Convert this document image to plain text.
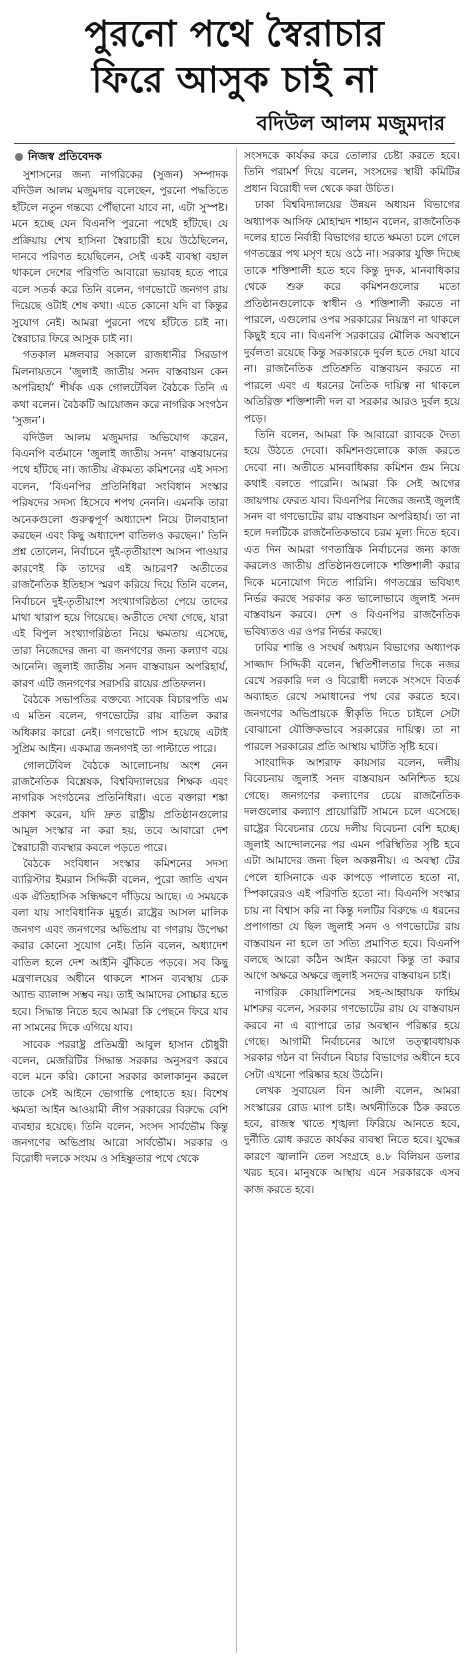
পুরনো পথে স্বৈরাচার
ফিরে আসুক চাই না
বদিউল আলম মজুমদার
নিজস্ব প্রতিবেদক

সুশাসনের জন্য নাগরিকের (সুজন) সম্পাদক বদিউল আলম মজুমদার বলেছেন, পুরনো পদ্ধতিতে হাঁটলে নতুন গন্তব্যে পৌঁছানো যাবে না, এটা সুস্পষ্ট। মনে হচ্ছে যেন বিএনপি পুরনো পথেই হাঁটছে। যে প্রক্রিয়ায় শেখ হাসিনা স্বৈরাচারী হয়ে উঠেছিলেন, দানবে পরিণত হয়েছিলেন, সেই একই ব্যবস্থা বহাল থাকলে দেশের পরিণতি আবারো ভয়াবহ হতে পারে বলে সতর্ক করে তিনি বলেন, গণভোটে জনগণ রায় দিয়েছে ওটাই শেষ কথা। এতে কোনো যদি বা কিন্তুর সুযোগ নেই। আমরা পুরনো পথে হাঁটতে চাই না। স্বৈরাচার ফিরে আসুক চাই না।

গতকাল মঙ্গলবার সকালে রাজধানীর সিরডাপ মিলনায়তনে ‘জুলাই জাতীয় সনদ বাস্তবায়ন কেন অপরিহার্য’ শীর্ষক এক গোলটেবিল বৈঠকে তিনি এ কথা বলেন। বৈঠকটি আয়োজন করে নাগরিক সংগঠন ‘সুজন’।

বদিউল আলম মজুমদার অভিযোগ করেন, বিএনপি বর্তমানে ‘জুলাই জাতীয় সনদ’ বাস্তবায়নের পথে হাঁটছে না। জাতীয় ঐকমত্য কমিশনের এই সদস্য বলেন, ‘বিএনপির প্রতিনিধিরা সংবিধান সংস্কার পরিষদের সদস্য হিসেবে শপথ নেননি। এমনকি তারা অনেকগুলো গুরুত্বপূর্ণ অধ্যাদেশ নিয়ে টালবাহানা করছেন এবং কিছু অধ্যাদেশ বাতিলও করছেন।’ তিনি প্রশ্ন তোলেন, নির্বাচনে দুই-তৃতীয়াংশ আসন পাওয়ার কারণেই কি তাদের এই আচরণ? অতীতের রাজনৈতিক ইতিহাস স্মরণ করিয়ে দিয়ে তিনি বলেন, নির্বাচনে দুই-তৃতীয়াংশ সংখ্যাগরিষ্ঠতা পেয়ে তাদের মাথা খারাপ হয়ে গিয়েছে। অতীতে দেখা গেছে, যারা এই বিপুল সংখ্যাগরিষ্ঠতা নিয়ে ক্ষমতায় এসেছে, তারা নিজেদের জন্য বা জনগণের জন্য কল্যাণ বয়ে আনেনি। জুলাই জাতীয় সনদ বাস্তবায়ন অপরিহার্য, কারণ এটি জনগণের সরাসরি রায়ের প্রতিফলন।

বৈঠকে সভাপতির বক্তব্যে সাবেক বিচারপতি এম এ মতিন বলেন, গণভোটের রায় বাতিল করার অধিকার কারো নেই। গণভোটে পাস হয়েছে এটাই সুপ্রিম আইন। একমাত্র জনগণই তা পাল্টাতে পারে।

গোলটেবিল বৈঠকে আলোচনায় অংশ নেন রাজনৈতিক বিশ্লেষক, বিশ্ববিদ্যালয়ের শিক্ষক এবং নাগরিক সংগঠনের প্রতিনিধিরা। এতে বক্তারা শঙ্কা প্রকাশ করেন, যদি দ্রুত রাষ্ট্রীয় প্রতিষ্ঠানগুলোর আমূল সংস্কার না করা হয়, তবে আবারো দেশ স্বৈরাচারী ব্যবস্থার কবলে পড়তে পারে।

বৈঠকে সংবিধান সংস্কার কমিশনের সদস্য ব্যারিস্টার ইমরান সিদ্দিকী বলেন, পুরো জাতি এখন এক ঐতিহাসিক সন্ধিক্ষণে দাঁড়িয়ে আছে। এ সময়কে বলা যায় সাংবিধানিক মুহূর্ত। রাষ্ট্রের আসল মালিক জনগণ এবং জনগণের অভিপ্রায় বা গণরায় উপেক্ষা করার কোনো সুযোগ নেই। তিনি বলেন, অধ্যাদেশ বাতিল হলে দেশ আইনি ঝুঁকিতে পড়বে। সব কিছু মন্ত্রণালয়ের অধীনে থাকলে শাসন ব্যবস্থায় চেক অ্যান্ড ব্যালান্স সম্ভব নয়। তাই আমাদের সোচ্চার হতে হবে। সিদ্ধান্ত নিতে হবে আমরা কি পেছনে ফিরে যাব না সামনের দিকে এগিয়ে যাব।

সাবেক পররাষ্ট্র প্রতিমন্ত্রী আবুল হাসান চৌধুরী বলেন, মেজরিটির সিদ্ধান্ত সরকার অনুসরণ করবে বলে মনে করি। কোনো সরকার কালাকানুন করলে তাকে সেই আইনে ভোগান্তি পোহাতে হয়। বিশেষ ক্ষমতা আইন আওয়ামী লীগ সরকারের বিরুদ্ধে বেশি ব্যবহার হয়েছে। তিনি বলেন, সংসদ সার্বভৌম কিন্তু জনগণের অভিপ্রায় আরো সার্বভৌম। সরকার ও বিরোধী দলকে সংযম ও সহিষ্ণুতার পথে থেকে

সংসদকে কার্যকর করে তোলার চেষ্টা করতে হবে। তিনি পরামর্শ দিয়ে বলেন, সংসদের স্থায়ী কমিটির প্রধান বিরোধী দল থেকে করা উচিত।

ঢাকা বিশ্ববিদ্যালয়ের উন্নয়ন অধ্যয়ন বিভাগের অধ্যাপক আসিফ মোহাম্মদ শাহান বলেন, রাজনৈতিক দলের হাতে নির্বাহী বিভাগের হাতে ক্ষমতা চলে গেলে গণতন্ত্রের পথ মসৃণ হয়ে ওঠে না। সরকার যুক্তি দিচ্ছে তাকে শক্তিশালী হতে হবে কিন্তু দুদক, মানবাধিকার থেকে শুরু করে কমিশনগুলোর মতো প্রতিষ্ঠানগুলোকে স্বাধীন ও শক্তিশালী করতে না পারলে, এগুলোর ওপর সরকারের নিয়ন্ত্রণ না থাকলে কিছুই হবে না। বিএনপি সরকারের মৌলিক অবস্থানে দুর্বলতা রয়েছে কিন্তু সরকারকে দুর্বল হতে দেয়া যাবে না। রাজনৈতিক প্রতিশ্রুতি বাস্তবায়ন করতে না পারলে এবং এ ধরনের নৈতিক দায়িত্ব না থাকলে অতিরিক্ত শক্তিশালী দল বা সরকার আরও দুর্বল হয়ে পড়ে।

তিনি বলেন, আমরা কি আবারো র‍্যাবকে দৈত্য হয়ে উঠতে দেবো। কমিশনগুলোকে কাজ করতে দেবো না। অতীতে মানবাধিকার কমিশন গুম নিয়ে কথাই বলতে পারেনি। আমরা কি সেই আগের জায়গায় ফেরত যাব। বিএনপির নিজের জন্যই জুলাই সনদ বা গণভোটের রায় বাস্তবায়ন অপরিহার্য। তা না হলে দলটিকে রাজনৈতিকভাবে চরম মূল্য দিতে হবে। এত দিন আমরা গণতান্ত্রিক নির্বাচনের জন্য কাজ করলেও জাতীয় প্রতিষ্ঠানগুলোকে শক্তিশালী করার দিকে মনোযোগ দিতে পারিনি। গণতন্ত্রের ভবিষ্যৎ নির্ভর করছে সরকার কত ভালোভাবে জুলাই সনদ বাস্তবায়ন করবে। দেশ ও বিএনপির রাজনৈতিক ভবিষ্যতও এর ওপর নির্ভর করছে।

ঢাবির শান্তি ও সংঘর্ষ অধ্যয়ন বিভাগের অধ্যাপক সাজ্জাদ সিদ্দিকী বলেন, স্থিতিশীলতার দিকে নজর রেখে সরকারি দল ও বিরোধী দলকে সংসদে বিতর্ক অব্যাহত রেখে সমাধানের পথ বের করতে হবে। জনগণের অভিপ্রায়কে স্বীকৃতি দিতে চাইলে সেটা বোঝানো যৌক্তিকভাবে সরকারের দায়িত্ব। তা না পারলে সরকারের প্রতি আস্থায় ঘাটতি সৃষ্টি হবে।

সাংবাদিক আশরাফ কায়সার বলেন, দলীয় বিবেচনায় জুলাই সনদ বাস্তবায়ন অনিশ্চিত হয়ে গেছে। জনগণের কল্যাণের চেয়ে রাজনৈতিক দলগুলোর কল্যাণ প্রায়োরিটি সামনে চলে এসেছে। রাষ্ট্রের বিবেচনার চেয়ে দলীয় বিবেচনা বেশি হচ্ছে। জুলাই আন্দোলনের পর এমন পরিস্থিতির সৃষ্টি হবে এটা আমাদের জন্য ছিল অকল্পনীয়। এ অবস্থা টের পেলে হাসিনাকে এক কাপড়ে পালাতে হতো না, স্পিকারেরও এই পরিণতি হতো না। বিএনপি সংস্কার চায় না বিশ্বাস করি না কিন্তু দলটির বিরুদ্ধে এ ধরনের প্রপাগান্ডা যে ছিল জুলাই সনদ ও গণভোটের রায় বাস্তবায়ন না হলে তা সত্যি প্রমাণিত হবে। বিএনপি বলছে আরো কঠিন আইন করবো কিন্তু তা করার আগে অক্ষরে অক্ষরে জুলাই সনদের বাস্তবায়ন চাই।

নাগরিক কোয়ালিশনের সহ-আহ্বায়ক ফাহিম মাশরুর বলেন, সরকার গণভোটের রায় যে বাস্তবায়ন করবে না এ ব্যাপারে তার অবস্থান পরিষ্কার হয়ে গেছে। আগামী নির্বাচনের আগে তত্ত্বাবধায়ক সরকার গঠন বা নির্বাচন বিচার বিভাগের অধীনে হবে সেটা এখনো পরিষ্কার হয়ে উঠেনি।

লেখক সুবায়েল বিন আলী বলেন, আমরা সংস্কারের রোড ম্যাপ চাই। অর্থনীতিকে ঠিক করতে হবে, রাজস্ব খাতে শৃঙ্খলা ফিরিয়ে আনতে হবে, দুর্নীতি রোধ করতে কার্যকর ব্যবস্থা নিতে হবে। যুদ্ধের কারণে জ্বালানি তেল সংগ্রহে ৪.৮ বিলিয়ন ডলার খরচ হবে। মানুষকে আস্থায় এনে সরকারকে এসব কাজ করতে হবে।
